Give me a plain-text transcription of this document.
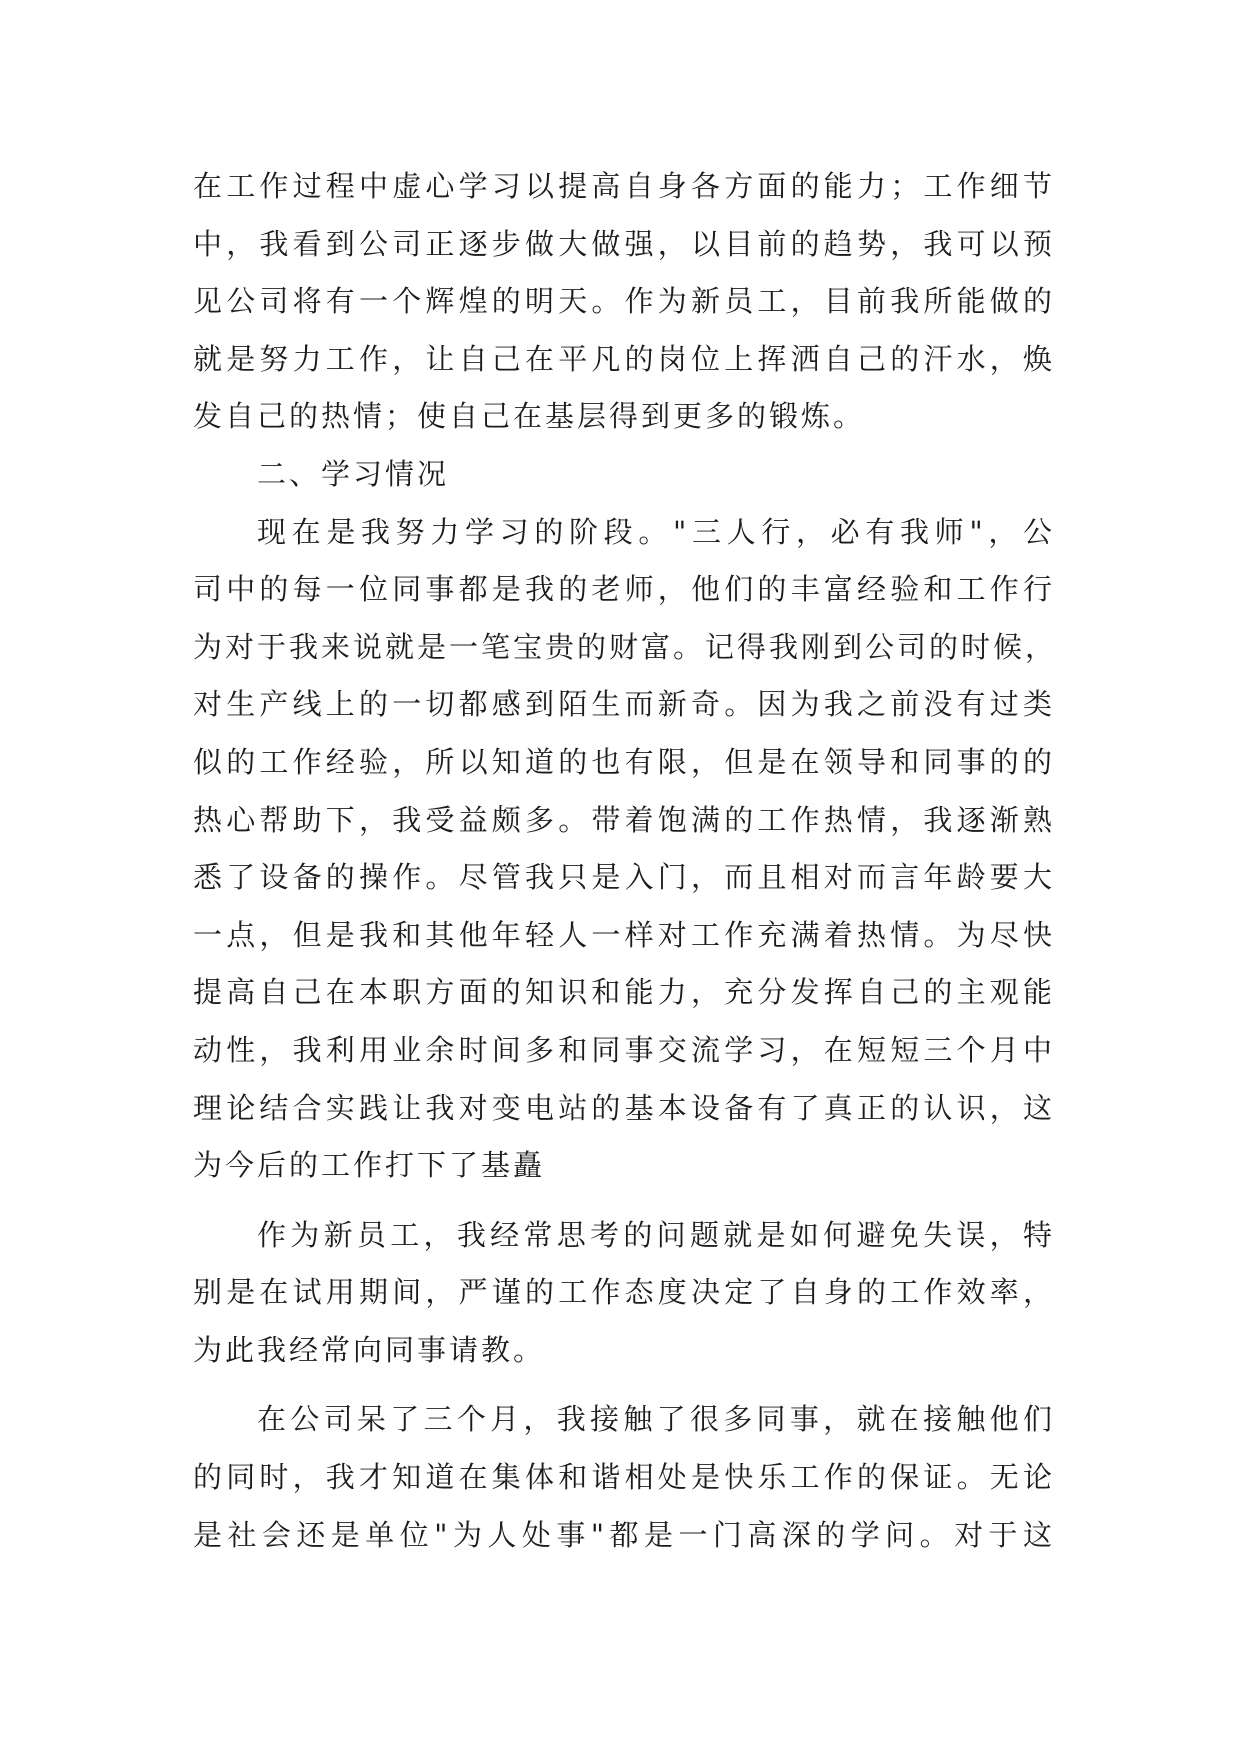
在工作过程中虚心学习以提高自身各方面的能力；工作细节
中，我看到公司正逐步做大做强，以目前的趋势，我可以预
见公司将有一个辉煌的明天。作为新员工，目前我所能做的
就是努力工作，让自己在平凡的岗位上挥洒自己的汗水，焕
发自己的热情；使自己在基层得到更多的锻炼。
二、学习情况
现在是我努力学习的阶段。"三人行，必有我师"，公
司中的每一位同事都是我的老师，他们的丰富经验和工作行
为对于我来说就是一笔宝贵的财富。记得我刚到公司的时候，
对生产线上的一切都感到陌生而新奇。因为我之前没有过类
似的工作经验，所以知道的也有限，但是在领导和同事的的
热心帮助下，我受益颇多。带着饱满的工作热情，我逐渐熟
悉了设备的操作。尽管我只是入门，而且相对而言年龄要大
一点，但是我和其他年轻人一样对工作充满着热情。为尽快
提高自己在本职方面的知识和能力，充分发挥自己的主观能
动性，我利用业余时间多和同事交流学习，在短短三个月中
理论结合实践让我对变电站的基本设备有了真正的认识，这
为今后的工作打下了基矗
作为新员工，我经常思考的问题就是如何避免失误，特
别是在试用期间，严谨的工作态度决定了自身的工作效率，
为此我经常向同事请教。
在公司呆了三个月，我接触了很多同事，就在接触他们
的同时，我才知道在集体和谐相处是快乐工作的保证。无论
是社会还是单位"为人处事"都是一门高深的学问。对于这
